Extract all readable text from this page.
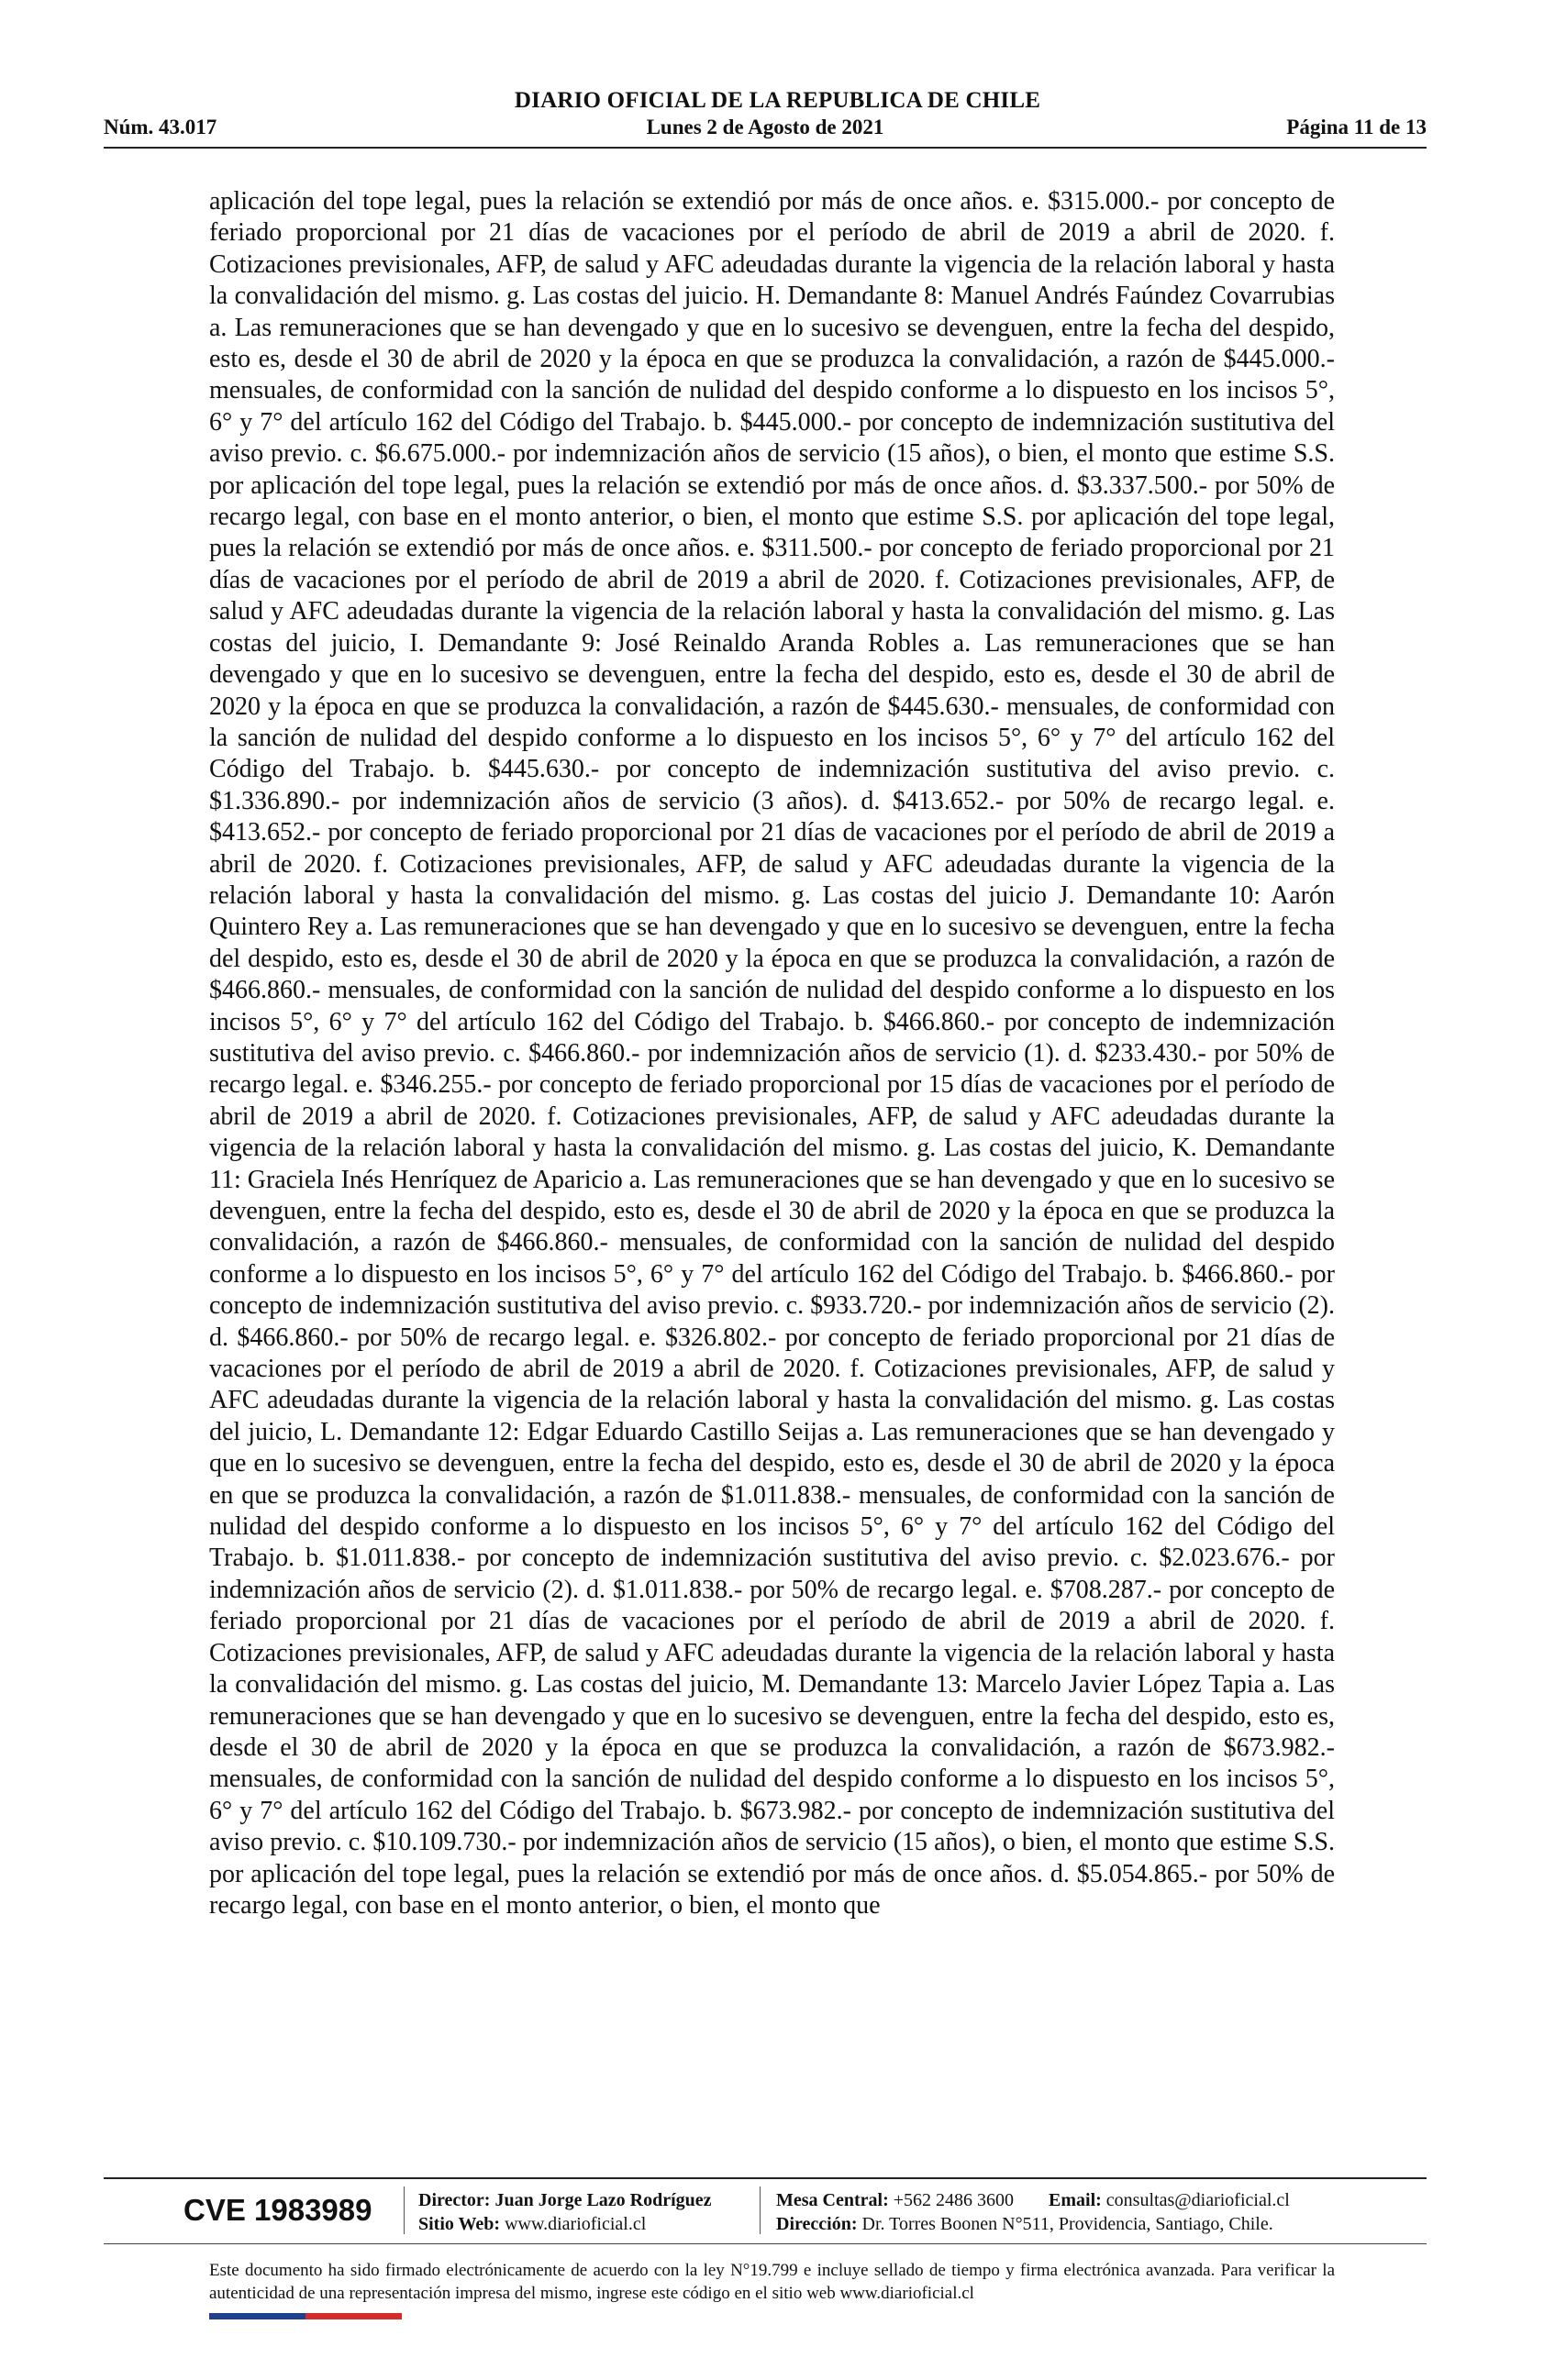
DIARIO OFICIAL DE LA REPUBLICA DE CHILE
Lunes 2 de Agosto de 2021
Núm. 43.017	Página 11 de 13
aplicación del tope legal, pues la relación se extendió por más de once años. e. $315.000.- por concepto de feriado proporcional por 21 días de vacaciones por el período de abril de 2019 a abril de 2020. f. Cotizaciones previsionales, AFP, de salud y AFC adeudadas durante la vigencia de la relación laboral y hasta la convalidación del mismo. g. Las costas del juicio. H. Demandante 8: Manuel Andrés Faúndez Covarrubias a. Las remuneraciones que se han devengado y que en lo sucesivo se devenguen, entre la fecha del despido, esto es, desde el 30 de abril de 2020 y la época en que se produzca la convalidación, a razón de $445.000.- mensuales, de conformidad con la sanción de nulidad del despido conforme a lo dispuesto en los incisos 5°, 6° y 7° del artículo 162 del Código del Trabajo. b. $445.000.- por concepto de indemnización sustitutiva del aviso previo. c. $6.675.000.- por indemnización años de servicio (15 años), o bien, el monto que estime S.S. por aplicación del tope legal, pues la relación se extendió por más de once años. d. $3.337.500.- por 50% de recargo legal, con base en el monto anterior, o bien, el monto que estime S.S. por aplicación del tope legal, pues la relación se extendió por más de once años. e. $311.500.- por concepto de feriado proporcional por 21 días de vacaciones por el período de abril de 2019 a abril de 2020. f. Cotizaciones previsionales, AFP, de salud y AFC adeudadas durante la vigencia de la relación laboral y hasta la convalidación del mismo. g. Las costas del juicio, I. Demandante 9: José Reinaldo Aranda Robles a. Las remuneraciones que se han devengado y que en lo sucesivo se devenguen, entre la fecha del despido, esto es, desde el 30 de abril de 2020 y la época en que se produzca la convalidación, a razón de $445.630.- mensuales, de conformidad con la sanción de nulidad del despido conforme a lo dispuesto en los incisos 5°, 6° y 7° del artículo 162 del Código del Trabajo. b. $445.630.- por concepto de indemnización sustitutiva del aviso previo. c. $1.336.890.- por indemnización años de servicio (3 años). d. $413.652.- por 50% de recargo legal. e. $413.652.- por concepto de feriado proporcional por 21 días de vacaciones por el período de abril de 2019 a abril de 2020. f. Cotizaciones previsionales, AFP, de salud y AFC adeudadas durante la vigencia de la relación laboral y hasta la convalidación del mismo. g. Las costas del juicio J. Demandante 10: Aarón Quintero Rey a. Las remuneraciones que se han devengado y que en lo sucesivo se devenguen, entre la fecha del despido, esto es, desde el 30 de abril de 2020 y la época en que se produzca la convalidación, a razón de $466.860.- mensuales, de conformidad con la sanción de nulidad del despido conforme a lo dispuesto en los incisos 5°, 6° y 7° del artículo 162 del Código del Trabajo. b. $466.860.- por concepto de indemnización sustitutiva del aviso previo. c. $466.860.- por indemnización años de servicio (1). d. $233.430.- por 50% de recargo legal. e. $346.255.- por concepto de feriado proporcional por 15 días de vacaciones por el período de abril de 2019 a abril de 2020. f. Cotizaciones previsionales, AFP, de salud y AFC adeudadas durante la vigencia de la relación laboral y hasta la convalidación del mismo. g. Las costas del juicio, K. Demandante 11: Graciela Inés Henríquez de Aparicio a. Las remuneraciones que se han devengado y que en lo sucesivo se devenguen, entre la fecha del despido, esto es, desde el 30 de abril de 2020 y la época en que se produzca la convalidación, a razón de $466.860.- mensuales, de conformidad con la sanción de nulidad del despido conforme a lo dispuesto en los incisos 5°, 6° y 7° del artículo 162 del Código del Trabajo. b. $466.860.- por concepto de indemnización sustitutiva del aviso previo. c. $933.720.- por indemnización años de servicio (2). d. $466.860.- por 50% de recargo legal. e. $326.802.- por concepto de feriado proporcional por 21 días de vacaciones por el período de abril de 2019 a abril de 2020. f. Cotizaciones previsionales, AFP, de salud y AFC adeudadas durante la vigencia de la relación laboral y hasta la convalidación del mismo. g. Las costas del juicio, L. Demandante 12: Edgar Eduardo Castillo Seijas a. Las remuneraciones que se han devengado y que en lo sucesivo se devenguen, entre la fecha del despido, esto es, desde el 30 de abril de 2020 y la época en que se produzca la convalidación, a razón de $1.011.838.- mensuales, de conformidad con la sanción de nulidad del despido conforme a lo dispuesto en los incisos 5°, 6° y 7° del artículo 162 del Código del Trabajo. b. $1.011.838.- por concepto de indemnización sustitutiva del aviso previo. c. $2.023.676.- por indemnización años de servicio (2). d. $1.011.838.- por 50% de recargo legal. e. $708.287.- por concepto de feriado proporcional por 21 días de vacaciones por el período de abril de 2019 a abril de 2020. f. Cotizaciones previsionales, AFP, de salud y AFC adeudadas durante la vigencia de la relación laboral y hasta la convalidación del mismo. g. Las costas del juicio, M. Demandante 13: Marcelo Javier López Tapia a. Las remuneraciones que se han devengado y que en lo sucesivo se devenguen, entre la fecha del despido, esto es, desde el 30 de abril de 2020 y la época en que se produzca la convalidación, a razón de $673.982.- mensuales, de conformidad con la sanción de nulidad del despido conforme a lo dispuesto en los incisos 5°, 6° y 7° del artículo 162 del Código del Trabajo. b. $673.982.- por concepto de indemnización sustitutiva del aviso previo. c. $10.109.730.- por indemnización años de servicio (15 años), o bien, el monto que estime S.S. por aplicación del tope legal, pues la relación se extendió por más de once años. d. $5.054.865.- por 50% de recargo legal, con base en el monto anterior, o bien, el monto que
CVE 1983989	Director: Juan Jorge Lazo Rodríguez
Sitio Web: www.diarioficial.cl
Mesa Central: +562 2486 3600 Email: consultas@diarioficial.cl
Dirección: Dr. Torres Boonen N°511, Providencia, Santiago, Chile.
Este documento ha sido firmado electrónicamente de acuerdo con la ley N°19.799 e incluye sellado de tiempo y firma electrónica avanzada. Para verificar la autenticidad de una representación impresa del mismo, ingrese este código en el sitio web www.diarioficial.cl
